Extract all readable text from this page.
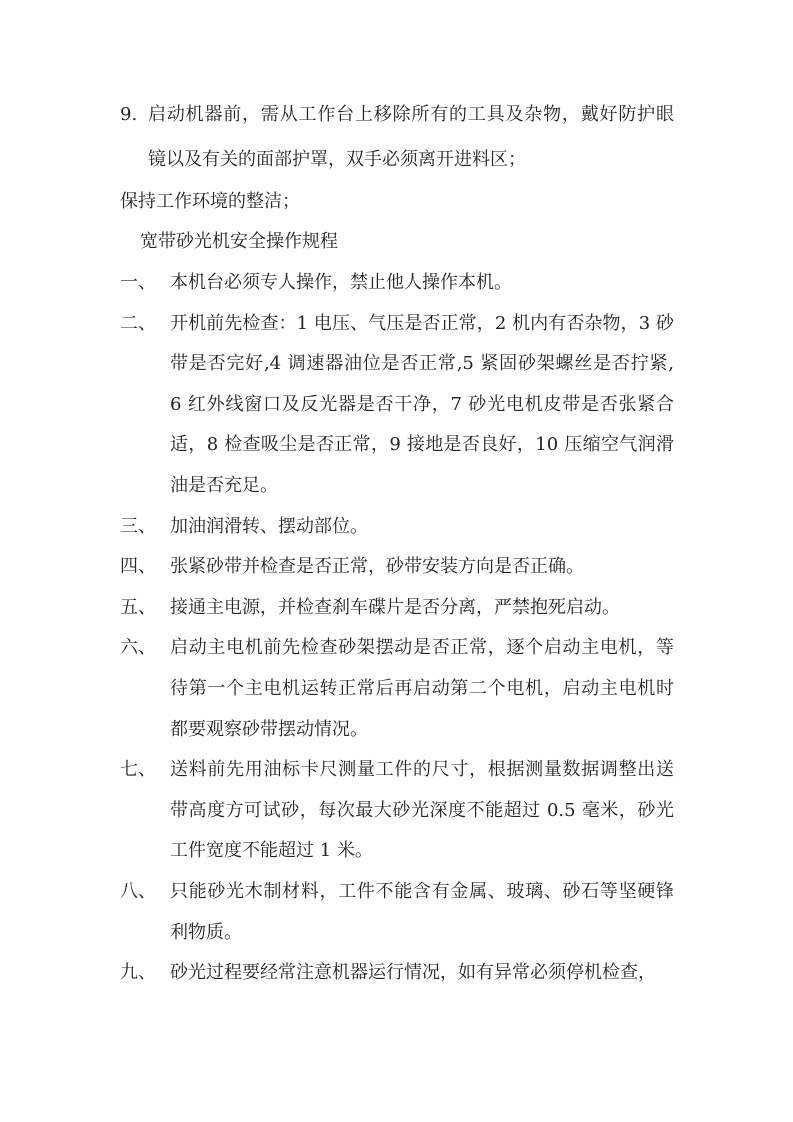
9. 启动机器前，需从工作台上移除所有的工具及杂物，戴好防护眼
镜以及有关的面部护罩，双手必须离开进料区；
保持工作环境的整洁；
宽带砂光机安全操作规程
一、 本机台必须专人操作，禁止他人操作本机。
二、 开机前先检查：1 电压、气压是否正常，2 机内有否杂物，3 砂
带是否完好,4 调速器油位是否正常,5 紧固砂架螺丝是否拧紧,
6 红外线窗口及反光器是否干净，7 砂光电机皮带是否张紧合
适，8 检查吸尘是否正常，9 接地是否良好，10 压缩空气润滑
油是否充足。
三、 加油润滑转、摆动部位。
四、 张紧砂带并检查是否正常，砂带安装方向是否正确。
五、 接通主电源，并检查刹车碟片是否分离，严禁抱死启动。
六、 启动主电机前先检查砂架摆动是否正常，逐个启动主电机，等
待第一个主电机运转正常后再启动第二个电机，启动主电机时
都要观察砂带摆动情况。
七、 送料前先用油标卡尺测量工件的尺寸，根据测量数据调整出送
带高度方可试砂，每次最大砂光深度不能超过 0.5 毫米，砂光
工件宽度不能超过 1 米。
八、 只能砂光木制材料，工件不能含有金属、玻璃、砂石等坚硬锋
利物质。
九、 砂光过程要经常注意机器运行情况，如有异常必须停机检查，
